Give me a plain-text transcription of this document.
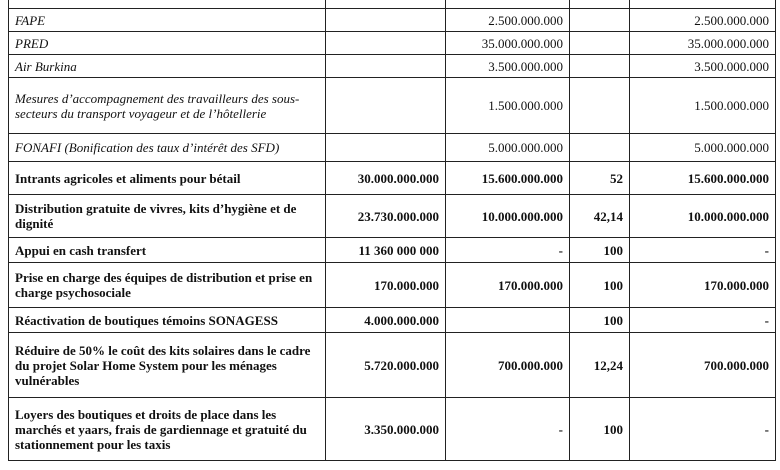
FAPE		2.500.000.000		2.500.000.000
PRED		35.000.000.000		35.000.000.000
Air Burkina		3.500.000.000		3.500.000.000
Mesures d’accompagnement des travailleurs des sous-secteurs du transport voyageur et de l’hôtellerie		1.500.000.000		1.500.000.000
FONAFI (Bonification des taux d’intérêt des SFD)		5.000.000.000		5.000.000.000
Intrants agricoles et aliments pour bétail	30.000.000.000	15.600.000.000	52	15.600.000.000
Distribution gratuite de vivres, kits d’hygiène et de dignité	23.730.000.000	10.000.000.000	42,14	10.000.000.000
Appui en cash transfert	11 360 000 000	-	100	-
Prise en charge des équipes de distribution et prise en charge psychosociale	170.000.000	170.000.000	100	170.000.000
Réactivation de boutiques témoins SONAGESS	4.000.000.000		100	-
Réduire de 50% le coût des kits solaires dans le cadre du projet Solar Home System pour les ménages vulnérables	5.720.000.000	700.000.000	12,24	700.000.000
Loyers des boutiques et droits de place dans les marchés et yaars, frais de gardiennage et gratuité du stationnement pour les taxis	3.350.000.000	-	100	-
